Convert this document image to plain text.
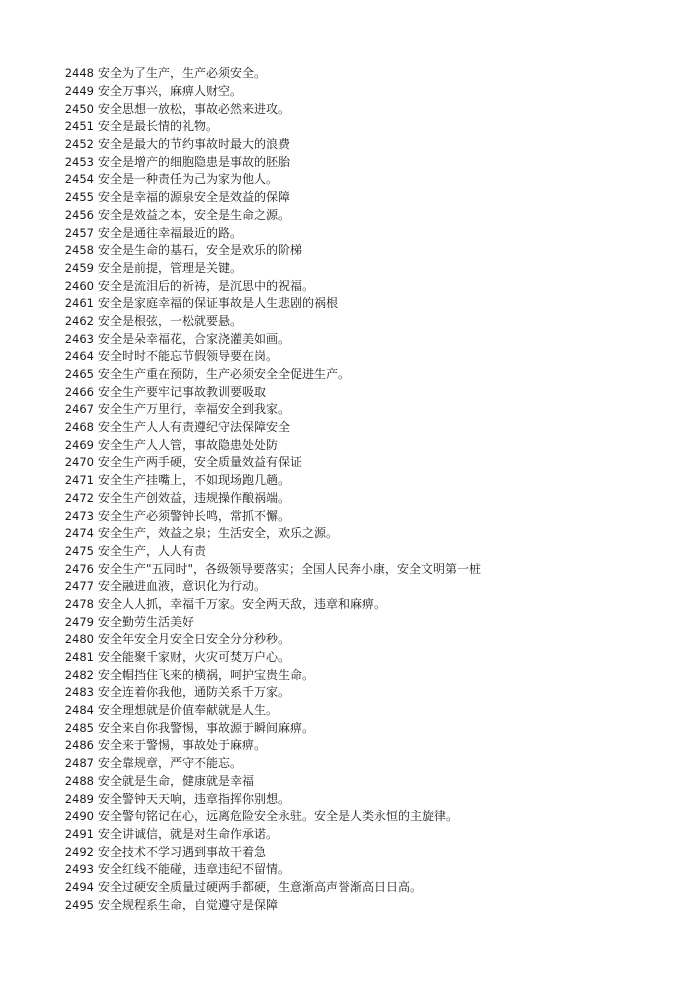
2448 安全为了生产，生产必须安全。
2449 安全万事兴，麻痹人财空。
2450 安全思想一放松，事故必然来进攻。
2451 安全是最长情的礼物。
2452 安全是最大的节约事故时最大的浪费
2453 安全是增产的细胞隐患是事故的胚胎
2454 安全是一种责任为己为家为他人。
2455 安全是幸福的源泉安全是效益的保障
2456 安全是效益之本，安全是生命之源。
2457 安全是通往幸福最近的路。
2458 安全是生命的基石，安全是欢乐的阶梯
2459 安全是前提，管理是关键。
2460 安全是流泪后的祈祷，是沉思中的祝福。
2461 安全是家庭幸福的保证事故是人生悲剧的祸根
2462 安全是根弦，一松就要悬。
2463 安全是朵幸福花，合家浇灌美如画。
2464 安全时时不能忘节假领导要在岗。
2465 安全生产重在预防，生产必须安全全促进生产。
2466 安全生产要牢记事故教训要吸取
2467 安全生产万里行，幸福安全到我家。
2468 安全生产人人有责遵纪守法保障安全
2469 安全生产人人管，事故隐患处处防
2470 安全生产两手硬，安全质量效益有保证
2471 安全生产挂嘴上，不如现场跑几趟。
2472 安全生产创效益，违规操作酿祸端。
2473 安全生产必须警钟长鸣，常抓不懈。
2474 安全生产，效益之泉；生活安全，欢乐之源。
2475 安全生产，人人有责
2476 安全生产"五同时"，各级领导要落实；全国人民奔小康，安全文明第一桩
2477 安全融进血液，意识化为行动。
2478 安全人人抓，幸福千万家。安全两天敌，违章和麻痹。
2479 安全勤劳生活美好
2480 安全年安全月安全日安全分分秒秒。
2481 安全能聚千家财，火灾可焚万户心。
2482 安全帽挡住飞来的横祸，呵护宝贵生命。
2483 安全连着你我他，通防关系千万家。
2484 安全理想就是价值奉献就是人生。
2485 安全来自你我警惕，事故源于瞬间麻痹。
2486 安全来于警惕，事故处于麻痹。
2487 安全靠规章，严守不能忘。
2488 安全就是生命，健康就是幸福
2489 安全警钟天天响，违章指挥你别想。
2490 安全警句铭记在心，远离危险安全永驻。安全是人类永恒的主旋律。
2491 安全讲诚信，就是对生命作承诺。
2492 安全技术不学习遇到事故干着急
2493 安全红线不能碰，违章违纪不留情。
2494 安全过硬安全质量过硬两手都硬，生意渐高声誉渐高日日高。
2495 安全规程系生命，自觉遵守是保障
